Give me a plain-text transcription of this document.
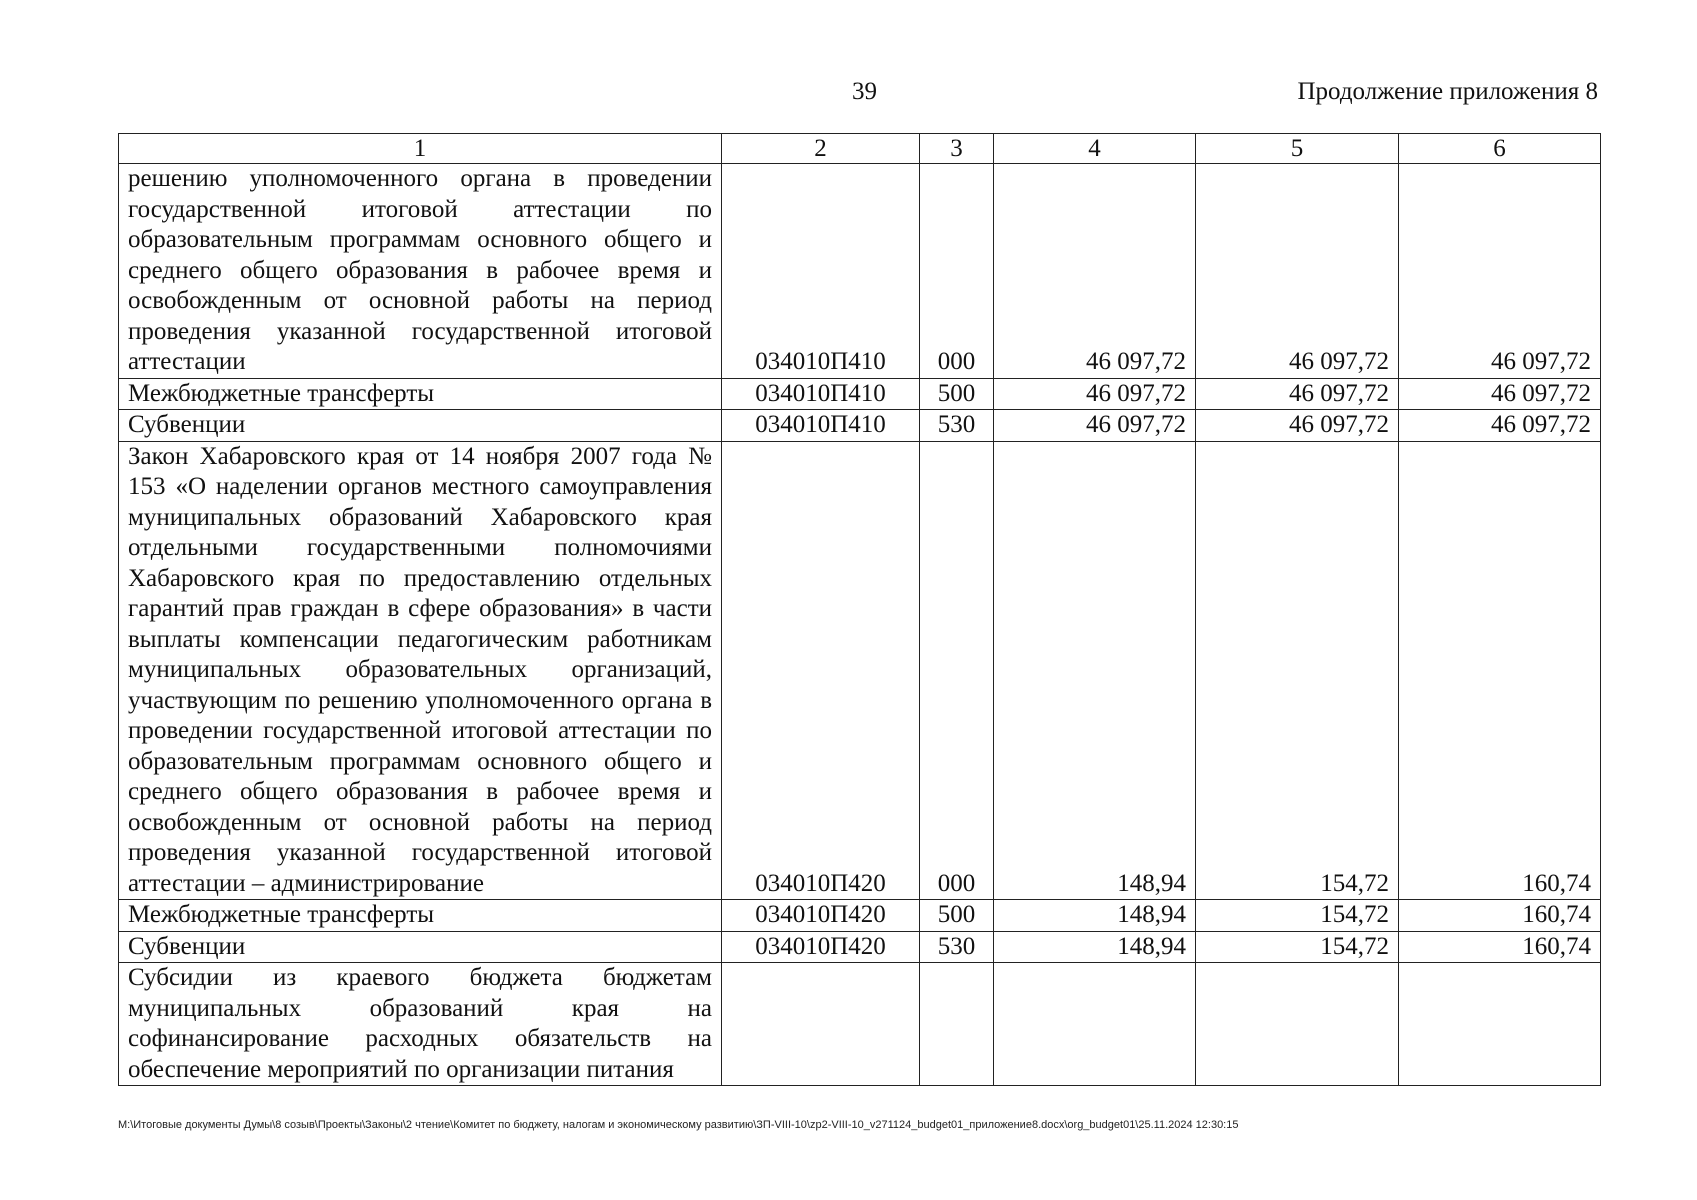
39	Продолжение приложения 8
1	2	3	4	5	6
решению уполномоченного органа в проведении государственной итоговой аттестации по образовательным программам основного общего и среднего общего образования в рабочее время и освобожденным от основной работы на период проведения указанной государственной итоговой аттестации	034010П410	000	46 097,72	46 097,72	46 097,72
Межбюджетные трансферты	034010П410	500	46 097,72	46 097,72	46 097,72
Субвенции	034010П410	530	46 097,72	46 097,72	46 097,72
Закон Хабаровского края от 14 ноября 2007 года № 153 «О наделении органов местного самоуправления муниципальных образований Хабаровского края отдельными государственными полномочиями Хабаровского края по предоставлению отдельных гарантий прав граждан в сфере образования» в части выплаты компенсации педагогическим работникам муниципальных образовательных организаций, участвующим по решению уполномоченного органа в проведении государственной итоговой аттестации по образовательным программам основного общего и среднего общего образования в рабочее время и освобожденным от основной работы на период проведения указанной государственной итоговой аттестации – администрирование	034010П420	000	148,94	154,72	160,74
Межбюджетные трансферты	034010П420	500	148,94	154,72	160,74
Субвенции	034010П420	530	148,94	154,72	160,74
Субсидии из краевого бюджета бюджетам муниципальных образований края на софинансирование расходных обязательств на обеспечение мероприятий по организации питания					
M:\Итоговые документы Думы\8 созыв\Проекты\Законы\2 чтение\Комитет по бюджету, налогам и экономическому развитию\ЗП-VIII-10\zp2-VIII-10_v271124_budget01_приложение8.docx\org_budget01\25.11.2024 12:30:15
